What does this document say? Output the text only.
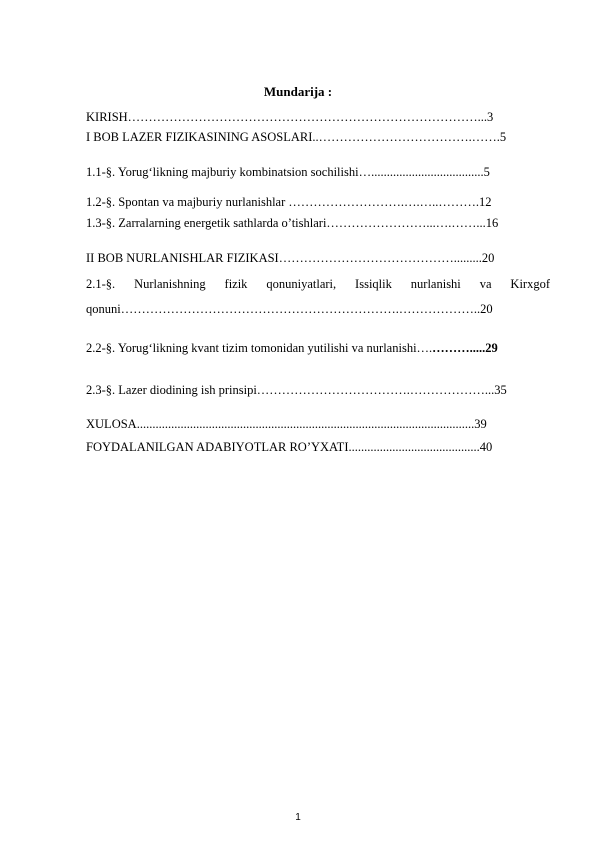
Mundarija :
KIRISH…………………………………………………………………………...3
I BOB LAZER FIZIKASINING ASOSLARI..……………………………….…….5
1.1-§. Yorug‘likning majburiy kombinatsion sochilishi…....................................5
1.2-§. Spontan va majburiy nurlanishlar ……………………….….…..……….12
1.3-§. Zarralarning energetik sathlarda o’tishlari……………………...….……...16
II BOB NURLANISHLAR FIZIKASI…………………………………….........20
2.1-§. Nurlanishning fizik qonuniyatlari, Issiqlik nurlanishi va Kirxgof
qonuni………………………………………………………….………………..20
2.2-§. Yorug‘likning kvant tizim tomonidan yutilishi va nurlanishi….……….....29
2.3-§. Lazer diodining ish prinsipi……………………………….………………...35
XULOSA............................................................................................................39
FOYDALANILGAN ADABIYOTLAR RO’YXATI..........................................40
1
